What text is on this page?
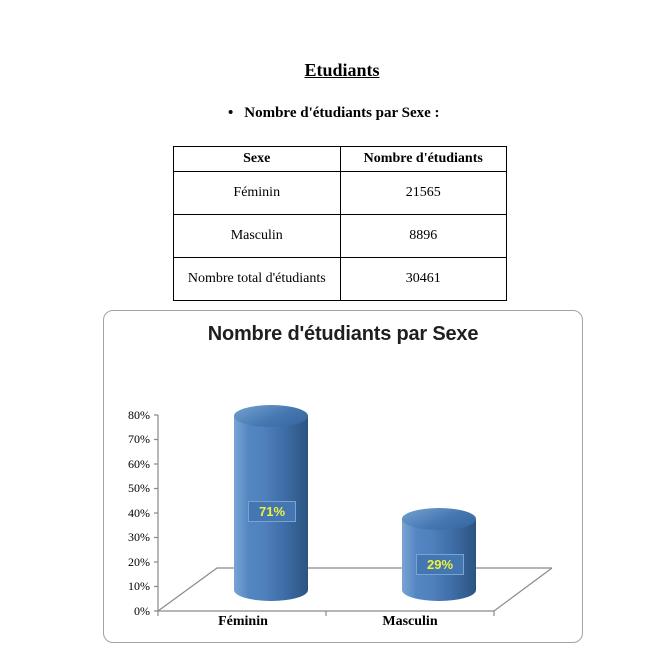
Etudiants
• Nombre d'étudiants par Sexe :
Sexe	Nombre d'étudiants
Féminin	21565
Masculin	8896
Nombre total d'étudiants	30461
Nombre d'étudiants par Sexe
0%
10%
20%
30%
40%
50%
60%
70%
80%
71%
29%
Féminin	Masculin
